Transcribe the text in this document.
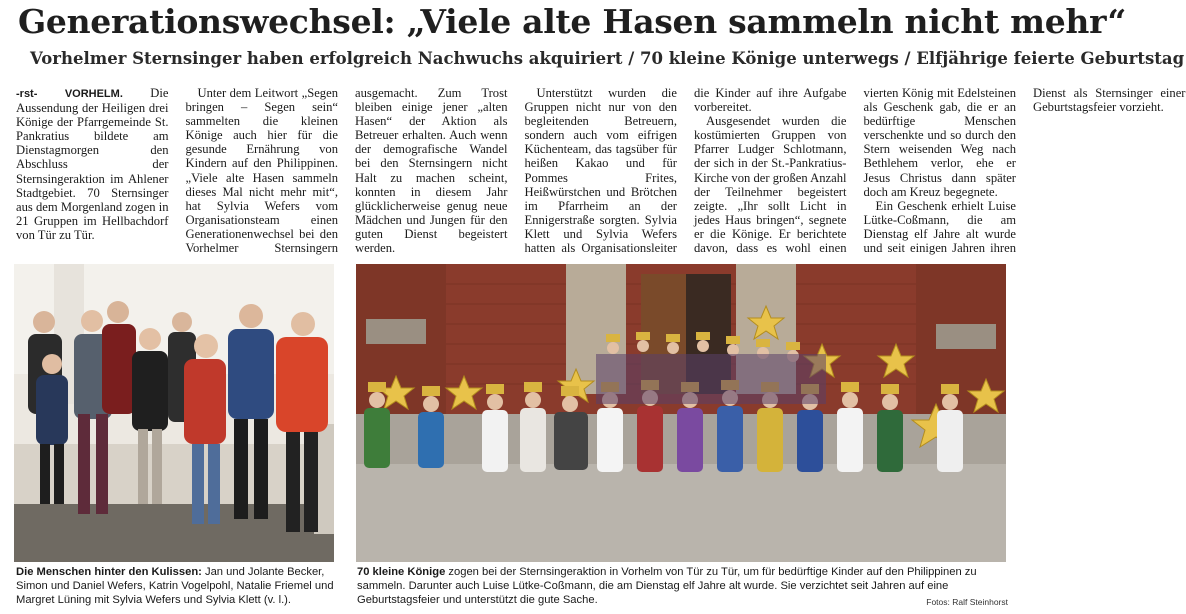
Generationswechsel: „Viele alte Hasen sammeln nicht mehr“
Vorhelmer Sternsinger haben erfolgreich Nachwuchs akquiriert / 70 kleine Könige unterwegs / Elfjährige feierte Geburtstag

-rst- VORHELM. Die Aussendung der Heiligen drei Könige der Pfarrgemeinde St. Pankratius bildete am Dienstagmorgen den Abschluss der Sternsingeraktion im Ahlener Stadtgebiet. 70 Sternsinger aus dem Morgenland zogen in 21 Gruppen im Hellbachdorf von Tür zu Tür.

Unter dem Leitwort „Segen bringen – Segen sein“ sammelten die kleinen Könige auch hier für die gesunde Ernährung von Kindern auf den Philippinen. „Viele alte Hasen sammeln dieses Mal nicht mehr mit“, hat Sylvia Wefers vom Organisationsteam einen Generationenwechsel bei den Vorhelmer Sternsingern ausgemacht. Zum Trost bleiben einige jener „alten Hasen“ der Aktion als Betreuer erhalten. Auch wenn der demografische Wandel bei den Sternsingern nicht Halt zu machen scheint, konnten in diesem Jahr glücklicherweise genug neue Mädchen und Jungen für den guten Dienst begeistert werden.

Unterstützt wurden die Gruppen nicht nur von den begleitenden Betreuern, sondern auch vom eifrigen Küchenteam, das tagsüber für heißen Kakao und für Pommes Frites, Heißwürstchen und Brötchen im Pfarrheim an der Ennigerstraße sorgten. Sylvia Klett und Sylvia Wefers hatten als Organisationsleiter die Kinder auf ihre Aufgabe vorbereitet.

Ausgesendet wurden die kostümierten Gruppen von Pfarrer Ludger Schlotmann, der sich in der St.-Pankratius-Kirche von der großen Anzahl der Teilnehmer begeistert zeigte. „Ihr sollt Licht in jedes Haus bringen“, segnete er die Könige. Er berichtete davon, dass es wohl einen vierten König mit Edelsteinen als Geschenk gab, die er an bedürftige Menschen verschenkte und so durch den Stern weisenden Weg nach Bethlehem verlor, ehe er Jesus Christus dann später doch am Kreuz begegnete.

Ein Geschenk erhielt Luise Lütke-Coßmann, die am Dienstag elf Jahre alt wurde und seit einigen Jahren ihren Dienst als Sternsinger einer Geburtstagsfeier vorzieht.

Die Menschen hinter den Kulissen: Jan und Jolante Becker, Simon und Daniel Wefers, Katrin Vogelpohl, Natalie Friemel und Margret Lüning mit Sylvia Wefers und Sylvia Klett (v. l.).
70 kleine Könige zogen bei der Sternsingeraktion in Vorhelm von Tür zu Tür, um für bedürftige Kinder auf den Philippinen zu sammeln. Darunter auch Luise Lütke-Coßmann, die am Dienstag elf Jahre alt wurde. Sie verzichtet seit Jahren auf eine Geburtstagsfeier und unterstützt die gute Sache.	Fotos: Ralf Steinhorst
